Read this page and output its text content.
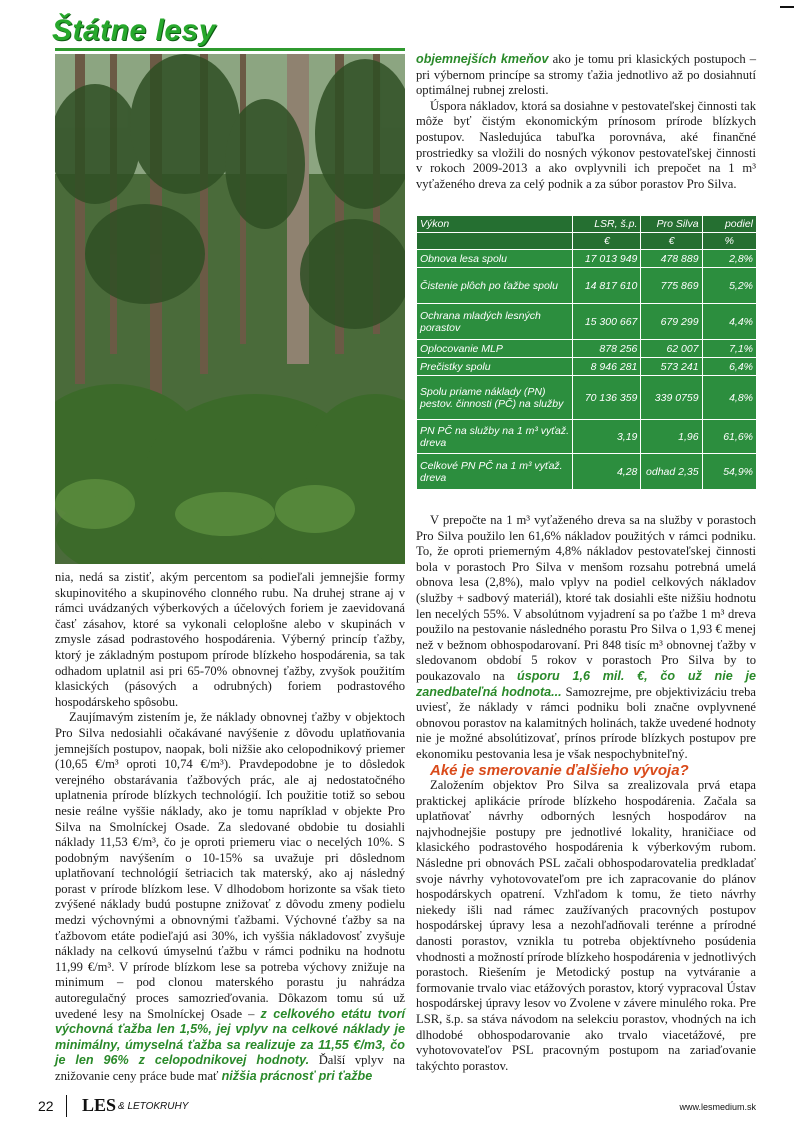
Štátne lesy

objemnejších kmeňov ako je tomu pri klasických postupoch – pri výbernom princípe sa stromy ťažia jednotlivo až po dosiahnutí optimálnej rubnej zrelosti.

Úspora nákladov, ktorá sa dosiahne v pestovateľskej činnosti tak môže byť čistým ekonomickým prínosom prírode blízkych postupov. Nasledujúca tabuľka porovnáva, aké finančné prostriedky sa vložili do nosných výkonov pestovateľskej činnosti v rokoch 2009-2013 a ako ovplyvnili ich prepočet na 1 m³ vyťaženého dreva za celý podnik a za súbor porastov Pro Silva.

Výkon	LSR, š.p.	Pro Silva	podiel
	€	€	%
Obnova lesa spolu	17 013 949	478 889	2,8%
Čistenie plôch po ťažbe spolu	14 817 610	775 869	5,2%
Ochrana mladých lesných porastov	15 300 667	679 299	4,4%
Oplocovanie MLP	878 256	62 007	7,1%
Prečistky spolu	8 946 281	573 241	6,4%
Spolu priame náklady (PN) pestov. činnosti (PČ) na služby	70 136 359	339 0759	4,8%
PN PČ na služby na 1 m³ vyťaž. dreva	3,19	1,96	61,6%
Celkové PN PČ na 1 m³ vyťaž. dreva	4,28	odhad 2,35	54,9%

nia, nedá sa zistiť, akým percentom sa podieľali jemnejšie formy skupinovitého a skupinového clonného rubu. Na druhej strane aj v rámci uvádzaných výberkových a účelových foriem je zaevidovaná časť zásahov, ktoré sa vykonali celoplošne alebo v skupinách v zmysle zásad podrastového hospodárenia. Výberný princíp ťažby, ktorý je základným postupom prírode blízkeho hospodárenia, sa tak odhadom uplatnil asi pri 65-70% obnovnej ťažby, zvyšok použitím klasických (pásových a odrubných) foriem podrastového hospodárskeho spôsobu.

Zaujímavým zistením je, že náklady obnovnej ťažby v objektoch Pro Silva nedosiahli očakávané navýšenie z dôvodu uplatňovania jemnejších postupov, naopak, boli nižšie ako celopodnikový priemer (10,65 €/m³ oproti 10,74 €/m³). Pravdepodobne je to dôsledok verejného obstarávania ťažbových prác, ale aj nedostatočného uplatnenia prírode blízkych technológií. Ich použitie totiž so sebou nesie reálne vyššie náklady, ako je tomu napríklad v objekte Pro Silva na Smolníckej Osade. Za sledované obdobie tu dosiahli náklady 11,53 €/m³, čo je oproti priemeru viac o necelých 10%. S podobným navýšením o 10-15% sa uvažuje pri dôslednom uplatňovaní technológií šetriacich tak materský, ako aj následný porast v prírode blízkom lese. V dlhodobom horizonte sa však tieto zvýšené náklady budú postupne znižovať z dôvodu zmeny podielu medzi výchovnými a obnovnými ťažbami. Výchovné ťažby sa na ťažbovom etáte podieľajú asi 30%, ich vyššia nákladovosť zvyšuje náklady na celkovú úmyselnú ťažbu v rámci podniku na hodnotu 11,99 €/m³. V prírode blízkom lese sa potreba výchovy znižuje na minimum – pod clonou materského porastu ju nahrádza autoregulačný proces samozrieďovania. Dôkazom tomu sú už uvedené lesy na Smolníckej Osade – z celkového etátu tvorí výchovná ťažba len 1,5%, jej vplyv na celkové náklady je minimálny, úmyselná ťažba sa realizuje za 11,55 €/m3, čo je len 96% z celopodnikovej hodnoty. Ďalší vplyv na znižovanie ceny práce bude mať nižšia prácnosť pri ťažbe

V prepočte na 1 m³ vyťaženého dreva sa na služby v porastoch Pro Silva použilo len 61,6% nákladov použitých v rámci podniku. To, že oproti priemerným 4,8% nákladov pestovateľskej činnosti bola v porastoch Pro Silva v menšom rozsahu potrebná umelá obnova lesa (2,8%), malo vplyv na podiel celkových nákladov (služby + sadbový materiál), ktoré tak dosiahli ešte nižšiu hodnotu len necelých 55%. V absolútnom vyjadrení sa po ťažbe 1 m³ dreva použilo na pestovanie následného porastu Pro Silva o 1,93 € menej než v bežnom obhospodarovaní. Pri 848 tisíc m³ obnovnej ťažby v sledovanom období 5 rokov v porastoch Pro Silva by to poukazovalo na úsporu 1,6 mil. €, čo už nie je zanedbateľná hodnota... Samozrejme, pre objektivizáciu treba uviesť, že náklady v rámci podniku boli značne ovplyvnené obnovou porastov na kalamitných holinách, takže uvedené hodnoty nie je možné absolútizovať, prínos prírode blízkych postupov pre ekonomiku pestovania lesa je však nespochybniteľný.

Aké je smerovanie ďalšieho vývoja?

Založením objektov Pro Silva sa zrealizovala prvá etapa praktickej aplikácie prírode blízkeho hospodárenia. Začala sa uplatňovať návrhy odborných lesných hospodárov na najvhodnejšie postupy pre jednotlivé lokality, hraničiace od klasického podrastového hospodárenia k výberkovým rubom. Následne pri obnovách PSL začali obhospodarovatelia predkladať svoje návrhy vyhotovovateľom pre ich zapracovanie do plánov hospodárskych opatrení. Vzhľadom k tomu, že tieto návrhy niekedy išli nad rámec zaužívaných pracovných postupov hospodárskej úpravy lesa a nezohľadňovali terénne a prírodné danosti porastov, vznikla tu potreba objektívneho posúdenia vhodnosti a možností prírode blízkeho hospodárenia v jednotlivých porastoch. Riešením je Metodický postup na vytváranie a formovanie trvalo viac etážových porastov, ktorý vypracoval Ústav hospodárskej úpravy lesov vo Zvolene v závere minulého roka. Pre LSR, š.p. sa stáva návodom na selekciu porastov, vhodných na ich dlhodobé obhospodarovanie ako trvalo viacetážové, pre vyhotovovateľov PSL pracovným postupom na zariaďovanie takýchto porastov.

22 LES & LETOKRUHY	www.lesmedium.sk
